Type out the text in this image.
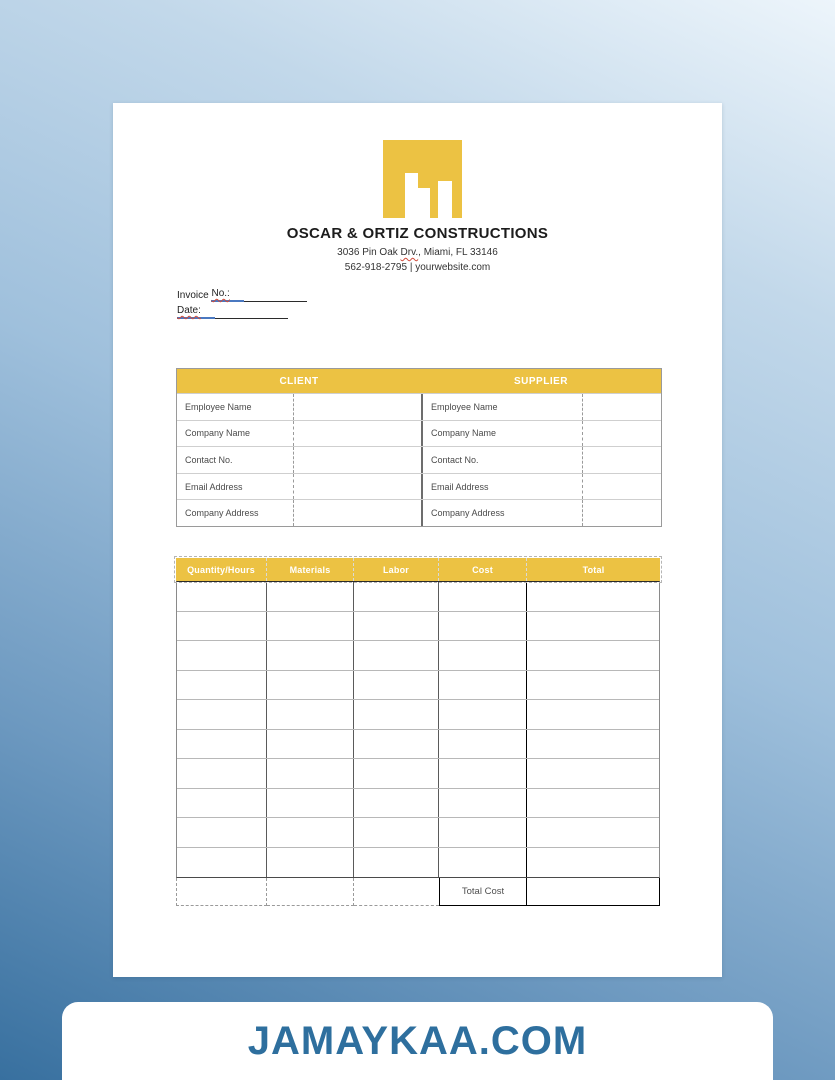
OSCAR & ORTIZ CONSTRUCTIONS
3036 Pin Oak Drv., Miami, FL 33146
562-918-2795 | yourwebsite.com
Invoice No.:
Date:
CLIENT	SUPPLIER
Employee Name	Employee Name
Company Name	Company Name
Contact No.	Contact No.
Email Address	Email Address
Company Address	Company Address
Quantity/Hours	Materials	Labor	Cost	Total
Total Cost
JAMAYKAA.COM
